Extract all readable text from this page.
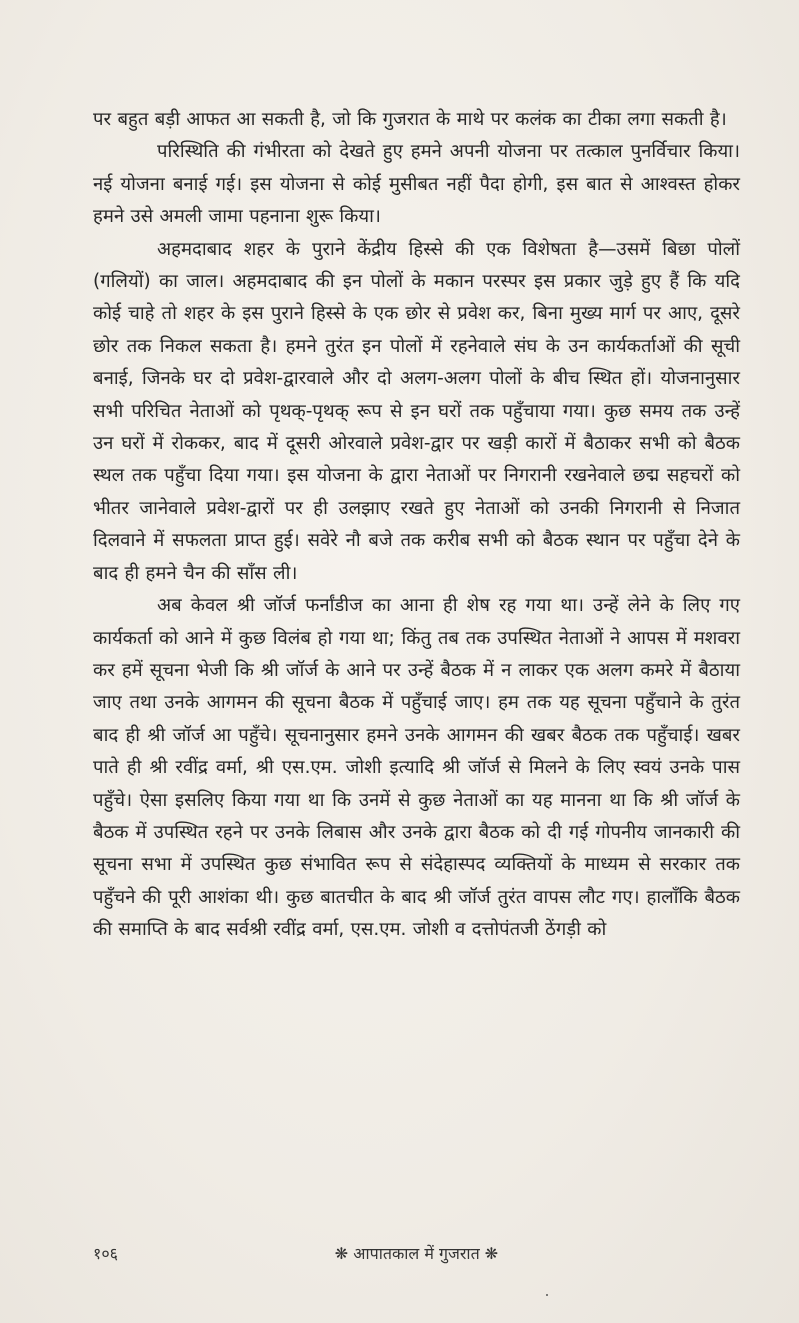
पर बहुत बड़ी आफत आ सकती है, जो कि गुजरात के माथे पर कलंक का टीका लगा सकती है।

परिस्थिति की गंभीरता को देखते हुए हमने अपनी योजना पर तत्काल पुनर्विचार किया। नई योजना बनाई गई। इस योजना से कोई मुसीबत नहीं पैदा होगी, इस बात से आश्वस्त होकर हमने उसे अमली जामा पहनाना शुरू किया।

अहमदाबाद शहर के पुराने केंद्रीय हिस्से की एक विशेषता है—उसमें बिछा पोलों (गलियों) का जाल। अहमदाबाद की इन पोलों के मकान परस्पर इस प्रकार जुड़े हुए हैं कि यदि कोई चाहे तो शहर के इस पुराने हिस्से के एक छोर से प्रवेश कर, बिना मुख्य मार्ग पर आए, दूसरे छोर तक निकल सकता है। हमने तुरंत इन पोलों में रहनेवाले संघ के उन कार्यकर्ताओं की सूची बनाई, जिनके घर दो प्रवेश-द्वारवाले और दो अलग-अलग पोलों के बीच स्थित हों। योजनानुसार सभी परिचित नेताओं को पृथक्-पृथक् रूप से इन घरों तक पहुँचाया गया। कुछ समय तक उन्हें उन घरों में रोककर, बाद में दूसरी ओरवाले प्रवेश-द्वार पर खड़ी कारों में बैठाकर सभी को बैठक स्थल तक पहुँचा दिया गया। इस योजना के द्वारा नेताओं पर निगरानी रखनेवाले छद्म सहचरों को भीतर जानेवाले प्रवेश-द्वारों पर ही उलझाए रखते हुए नेताओं को उनकी निगरानी से निजात दिलवाने में सफलता प्राप्त हुई। सवेरे नौ बजे तक करीब सभी को बैठक स्थान पर पहुँचा देने के बाद ही हमने चैन की साँस ली।

अब केवल श्री जॉर्ज फर्नांडीज का आना ही शेष रह गया था। उन्हें लेने के लिए गए कार्यकर्ता को आने में कुछ विलंब हो गया था; किंतु तब तक उपस्थित नेताओं ने आपस में मशवरा कर हमें सूचना भेजी कि श्री जॉर्ज के आने पर उन्हें बैठक में न लाकर एक अलग कमरे में बैठाया जाए तथा उनके आगमन की सूचना बैठक में पहुँचाई जाए। हम तक यह सूचना पहुँचाने के तुरंत बाद ही श्री जॉर्ज आ पहुँचे। सूचनानुसार हमने उनके आगमन की खबर बैठक तक पहुँचाई। खबर पाते ही श्री रवींद्र वर्मा, श्री एस.एम. जोशी इत्यादि श्री जॉर्ज से मिलने के लिए स्वयं उनके पास पहुँचे। ऐसा इसलिए किया गया था कि उनमें से कुछ नेताओं का यह मानना था कि श्री जॉर्ज के बैठक में उपस्थित रहने पर उनके लिबास और उनके द्वारा बैठक को दी गई गोपनीय जानकारी की सूचना सभा में उपस्थित कुछ संभावित रूप से संदेहास्पद व्यक्तियों के माध्यम से सरकार तक पहुँचने की पूरी आशंका थी। कुछ बातचीत के बाद श्री जॉर्ज तुरंत वापस लौट गए। हालाँकि बैठक की समाप्ति के बाद सर्वश्री रवींद्र वर्मा, एस.एम. जोशी व दत्तोपंतजी ठेंगड़ी को

१०६	❋ आपातकाल में गुजरात ❋
